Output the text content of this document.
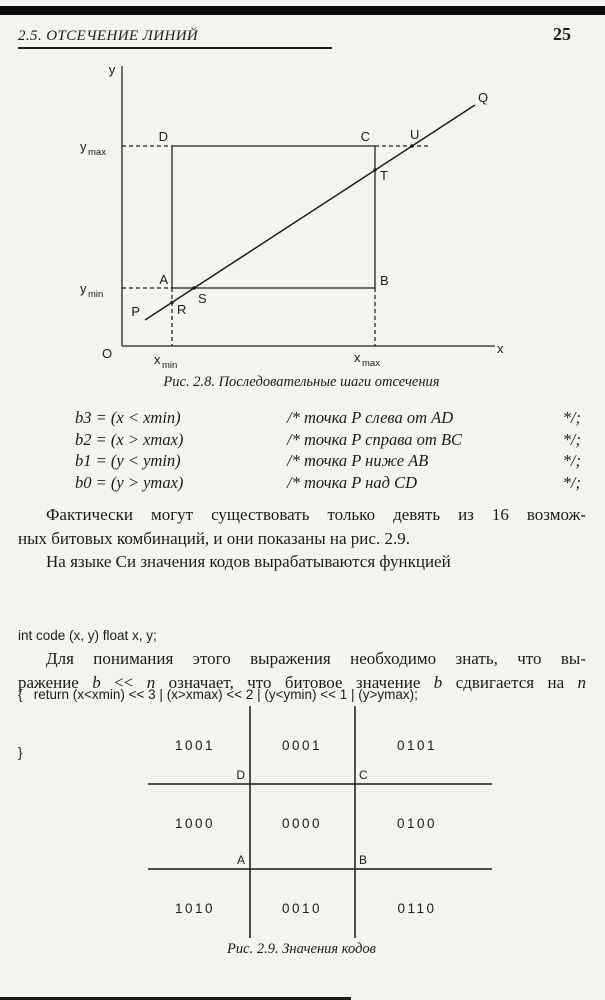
2.5. ОТСЕЧЕНИЕ ЛИНИЙ	25
y
x
O
y max
y min
x min
x max
D	C	U
T
A	B
S
P	R
Q
Рис. 2.8. Последовательные шаги отсечения
b3 = (x < xmin)	/* точка P слева от AD	*/;
b2 = (x > xmax)	/* точка P справа от BC	*/;
b1 = (y < ymin)	/* точка P ниже AB	*/;
b0 = (y > ymax)	/* точка P над CD	*/;
Фактически могут существовать только девять из 16 возмож-
ных битовых комбинаций, и они показаны на рис. 2.9.
На языке Си значения кодов вырабатываются функцией

int code (x, y) float x, y;

{   return (x<xmin) << 3 | (x>xmax) << 2 | (y<ymin) << 1 | (y>ymax);

}

Для понимания этого выражения необходимо знать, что вы-
ражение b << n означает, что битовое значение b сдвигается на n
1001	0001	0101
1000	0000	0100
1010	0010	0110
D	C
A	B
Рис. 2.9. Значения кодов
